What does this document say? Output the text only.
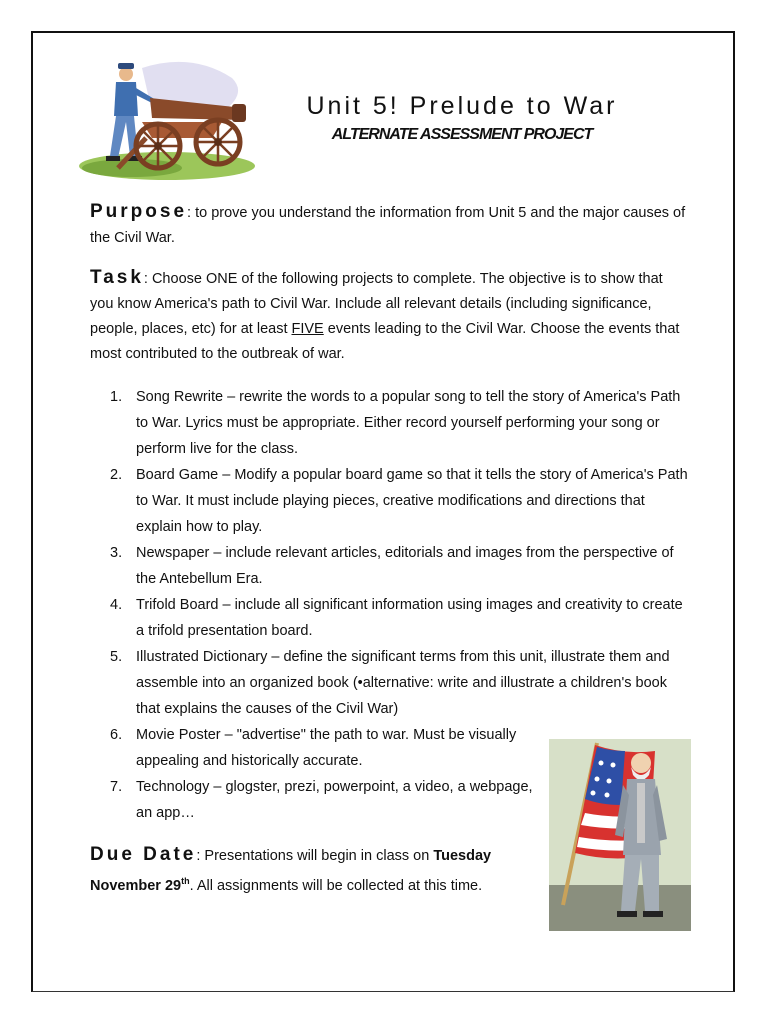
Unit 5! Prelude to War
ALTERNATE ASSESSMENT PROJECT
Purpose: to prove you understand the information from Unit 5 and the major causes of the Civil War.
Task: Choose ONE of the following projects to complete. The objective is to show that you know America's path to Civil War. Include all relevant details (including significance, people, places, etc) for at least FIVE events leading to the Civil War. Choose the events that most contributed to the outbreak of war.
1. Song Rewrite – rewrite the words to a popular song to tell the story of America's Path to War. Lyrics must be appropriate. Either record yourself performing your song or perform live for the class.
2. Board Game – Modify a popular board game so that it tells the story of America's Path to War. It must include playing pieces, creative modifications and directions that explain how to play.
3. Newspaper – include relevant articles, editorials and images from the perspective of the Antebellum Era.
4. Trifold Board – include all significant information using images and creativity to create a trifold presentation board.
5. Illustrated Dictionary – define the significant terms from this unit, illustrate them and assemble into an organized book (•alternative: write and illustrate a children's book that explains the causes of the Civil War)
6. Movie Poster – "advertise" the path to war. Must be visually appealing and historically accurate.
7. Technology – glogster, prezi, powerpoint, a video, a webpage, an app…
Due Date: Presentations will begin in class on Tuesday November 29th. All assignments will be collected at this time.
